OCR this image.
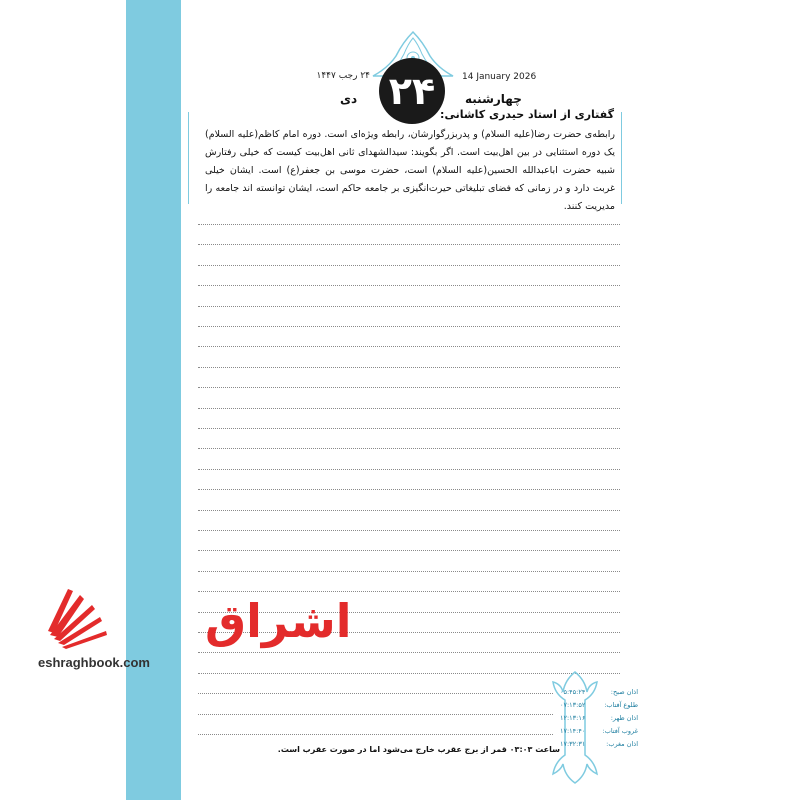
14 January 2026
۲۴ رجب ۱۴۴۷ ۲۴	چهارشنبه
دی
گفتاری از استاد حیدری کاشانی:
رابطه‌ی حضرت رضا(علیه السلام) و پدربزرگوارشان، رابطه ویژه‌ای است. دوره امام کاظم(علیه السلام) یک دوره استثنایی در بین اهل‌بیت است. اگر بگویند: سیدالشهدای ثانی اهل‌بیت کیست که خیلی رفتارش شبیه حضرت اباعبدالله الحسین(علیه السلام) است، حضرت موسی بن جعفر(ع) است. ایشان خیلی غربت دارد و در زمانی که فضای تبلیغاتی حیرت‌انگیزی بر جامعه حاکم است، ایشان توانسته اند جامعه را مدیریت کنند.
اشراق
eshraghbook.com
اذان صبح:
۰۵:۴۵:۲۴
طلوع آفتاب:
۰۷:۱۳:۵۲
اذان ظهر:
۱۲:۱۳:۱۶
غروب آفتاب:
۱۷:۱۴:۴۰
اذان مغرب:
۱۷:۳۲:۳۱
ساعت ۰۳:۰۳ قمر از برج عقرب خارج می‌شود اما در صورت عقرب است.
